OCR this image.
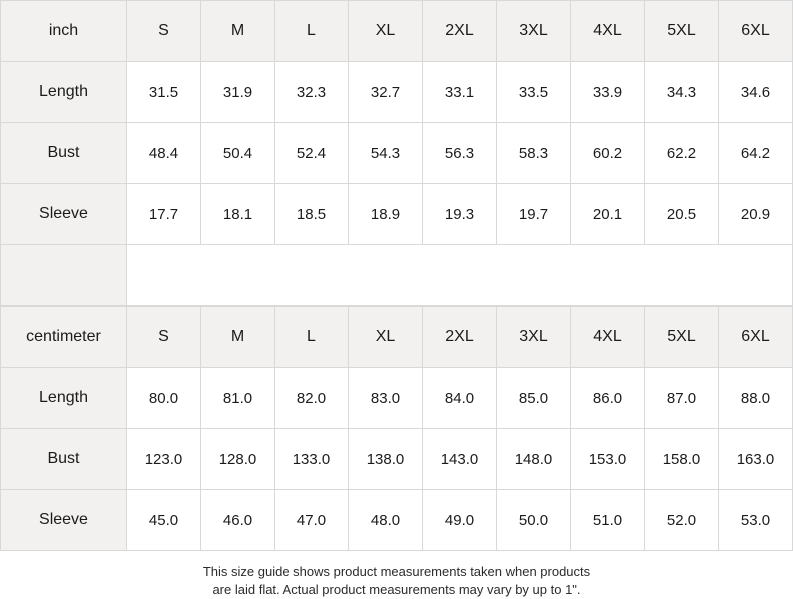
inch	S	M	L	XL	2XL	3XL	4XL	5XL	6XL
Length	31.5	31.9	32.3	32.7	33.1	33.5	33.9	34.3	34.6
Bust	48.4	50.4	52.4	54.3	56.3	58.3	60.2	62.2	64.2
Sleeve	17.7	18.1	18.5	18.9	19.3	19.7	20.1	20.5	20.9

centimeter	S	M	L	XL	2XL	3XL	4XL	5XL	6XL
Length	80.0	81.0	82.0	83.0	84.0	85.0	86.0	87.0	88.0
Bust	123.0	128.0	133.0	138.0	143.0	148.0	153.0	158.0	163.0
Sleeve	45.0	46.0	47.0	48.0	49.0	50.0	51.0	52.0	53.0
This size guide shows product measurements taken when products
are laid flat. Actual product measurements may vary by up to 1".
